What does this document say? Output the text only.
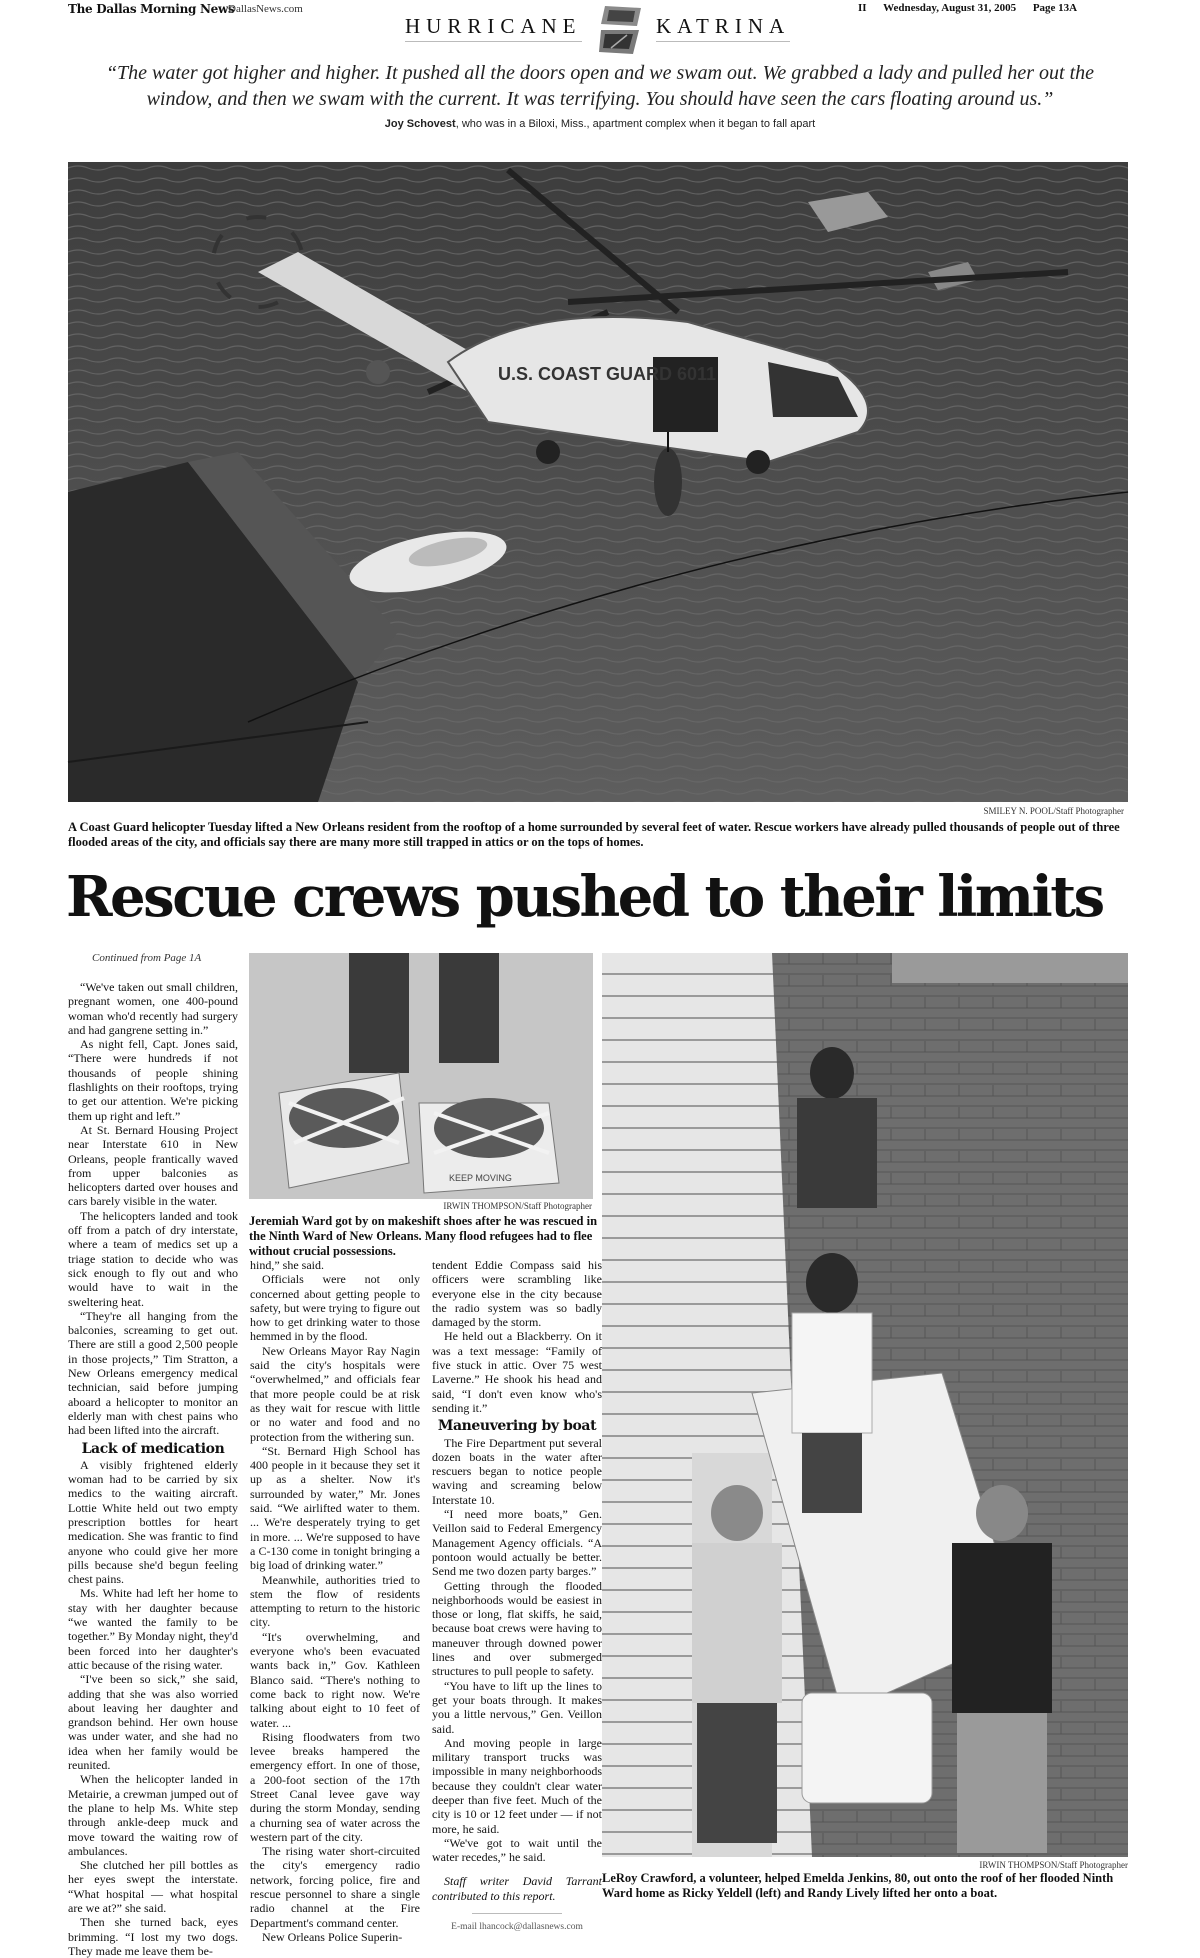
The Dallas Morning News
DallasNews.com
HURRICANE	KATRINA
II Wednesday, August 31, 2005 Page 13A
“The water got higher and higher. It pushed all the doors open and we swam out. We grabbed a lady and pulled her out the window, and then we swam with the current. It was terrifying. You should have seen the cars floating around us.”
Joy Schovest, who was in a Biloxi, Miss., apartment complex when it began to fall apart
U.S. COAST GUARD 6011
SMILEY N. POOL/Staff Photographer
A Coast Guard helicopter Tuesday lifted a New Orleans resident from the rooftop of a home surrounded by several feet of water. Rescue workers have already pulled thousands of people out of three flooded areas of the city, and officials say there are many more still trapped in attics or on the tops of homes.
Rescue crews pushed to their limits
Continued from Page 1A

“We've taken out small children, pregnant women, one 400-pound woman who'd recently had surgery and had gangrene setting in.”

As night fell, Capt. Jones said, “There were hundreds if not thousands of people shining flashlights on their rooftops, trying to get our attention. We're picking them up right and left.”

At St. Bernard Housing Project near Interstate 610 in New Orleans, people frantically waved from upper balconies as helicopters darted over houses and cars barely visible in the water.

The helicopters landed and took off from a patch of dry interstate, where a team of medics set up a triage station to decide who was sick enough to fly out and who would have to wait in the sweltering heat.

“They're all hanging from the balconies, screaming to get out. There are still a good 2,500 people in those projects,” Tim Stratton, a New Orleans emergency medical technician, said before jumping aboard a helicopter to monitor an elderly man with chest pains who had been lifted into the aircraft.

Lack of medication

A visibly frightened elderly woman had to be carried by six medics to the waiting aircraft. Lottie White held out two empty prescription bottles for heart medication. She was frantic to find anyone who could give her more pills because she'd begun feeling chest pains.

Ms. White had left her home to stay with her daughter because “we wanted the family to be together.” By Monday night, they'd been forced into her daughter's attic because of the rising water.

“I've been so sick,” she said, adding that she was also worried about leaving her daughter and grandson behind. Her own house was under water, and she had no idea when her family would be reunited.

When the helicopter landed in Metairie, a crewman jumped out of the plane to help Ms. White step through ankle-deep muck and move toward the waiting row of ambulances.

She clutched her pill bottles as her eyes swept the interstate. “What hospital — what hospital are we at?” she said.

Then she turned back, eyes brimming. “I lost my two dogs. They made me leave them be-

KEEP MOVING
IRWIN THOMPSON/Staff Photographer
Jeremiah Ward got by on makeshift shoes after he was rescued in the Ninth Ward of New Orleans. Many flood refugees had to flee without crucial possessions.

hind,” she said.

Officials were not only concerned about getting people to safety, but were trying to figure out how to get drinking water to those hemmed in by the flood.

New Orleans Mayor Ray Nagin said the city's hospitals were “overwhelmed,” and officials fear that more people could be at risk as they wait for rescue with little or no water and food and no protection from the withering sun.

“St. Bernard High School has 400 people in it because they set it up as a shelter. Now it's surrounded by water,” Mr. Jones said. “We airlifted water to them. ... We're desperately trying to get in more. ... We're supposed to have a C-130 come in tonight bringing a big load of drinking water.”

Meanwhile, authorities tried to stem the flow of residents attempting to return to the historic city.

“It's overwhelming, and everyone who's been evacuated wants back in,” Gov. Kathleen Blanco said. “There's nothing to come back to right now. We're talking about eight to 10 feet of water. ...

Rising floodwaters from two levee breaks hampered the emergency effort. In one of those, a 200-foot section of the 17th Street Canal levee gave way during the storm Monday, sending a churning sea of water across the western part of the city.

The rising water short-circuited the city's emergency radio network, forcing police, fire and rescue personnel to share a single radio channel at the Fire Department's command center.

New Orleans Police Superin-

tendent Eddie Compass said his officers were scrambling like everyone else in the city because the radio system was so badly damaged by the storm.

He held out a Blackberry. On it was a text message: “Family of five stuck in attic. Over 75 west Laverne.” He shook his head and said, “I don't even know who's sending it.”

Maneuvering by boat

The Fire Department put several dozen boats in the water after rescuers began to notice people waving and screaming below Interstate 10.

“I need more boats,” Gen. Veillon said to Federal Emergency Management Agency officials. “A pontoon would actually be better. Send me two dozen party barges.”

Getting through the flooded neighborhoods would be easiest in those or long, flat skiffs, he said, because boat crews were having to maneuver through downed power lines and over submerged structures to pull people to safety.

“You have to lift up the lines to get your boats through. It makes you a little nervous,” Gen. Veillon said.

And moving people in large military transport trucks was impossible in many neighborhoods because they couldn't clear water deeper than five feet. Much of the city is 10 or 12 feet under — if not more, he said.

“We've got to wait until the water recedes,” he said.

Staff writer David Tarrant contributed to this report.

E-mail lhancock@dallasnews.com

IRWIN THOMPSON/Staff Photographer
LeRoy Crawford, a volunteer, helped Emelda Jenkins, 80, out onto the roof of her flooded Ninth Ward home as Ricky Yeldell (left) and Randy Lively lifted her onto a boat.
